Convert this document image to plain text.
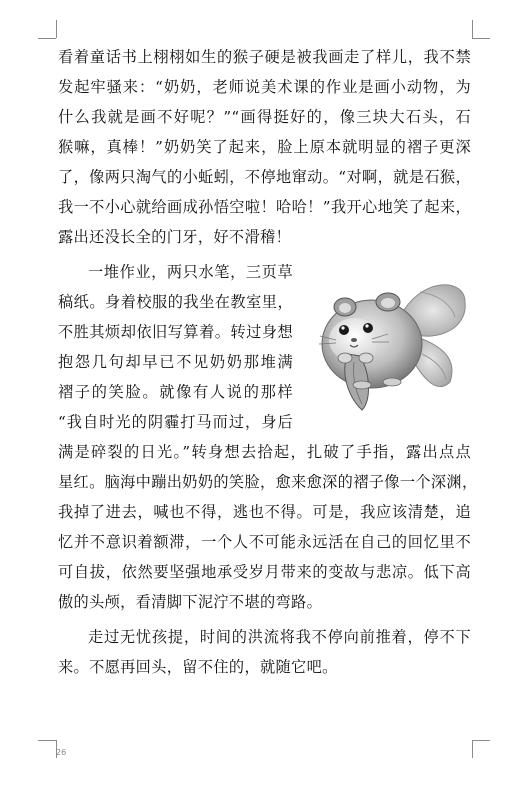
看着童话书上栩栩如生的猴子硬是被我画走了样儿，我不禁
发起牢骚来：“奶奶，老师说美术课的作业是画小动物，为
什么我就是画不好呢？”“画得挺好的，像三块大石头，石
猴嘛，真棒！”奶奶笑了起来，脸上原本就明显的褶子更深
了，像两只淘气的小蚯蚓，不停地窜动。“对啊，就是石猴，
我一不小心就给画成孙悟空啦！哈哈！”我开心地笑了起来，
露出还没长全的门牙，好不滑稽！
一堆作业，两只水笔，三页草
稿纸。身着校服的我坐在教室里，
不胜其烦却依旧写算着。转过身想
抱怨几句却早已不见奶奶那堆满
褶子的笑脸。就像有人说的那样
“我自时光的阴霾打马而过，身后
满是碎裂的日光。”转身想去拾起，扎破了手指，露出点点
星红。脑海中蹦出奶奶的笑脸，愈来愈深的褶子像一个深渊，
我掉了进去，喊也不得，逃也不得。可是，我应该清楚，追
忆并不意识着额滞，一个人不可能永远活在自己的回忆里不
可自拔，依然要坚强地承受岁月带来的变故与悲凉。低下高
傲的头颅，看清脚下泥泞不堪的弯路。
走过无忧孩提，时间的洪流将我不停向前推着，停不下
来。不愿再回头，留不住的，就随它吧。
26
